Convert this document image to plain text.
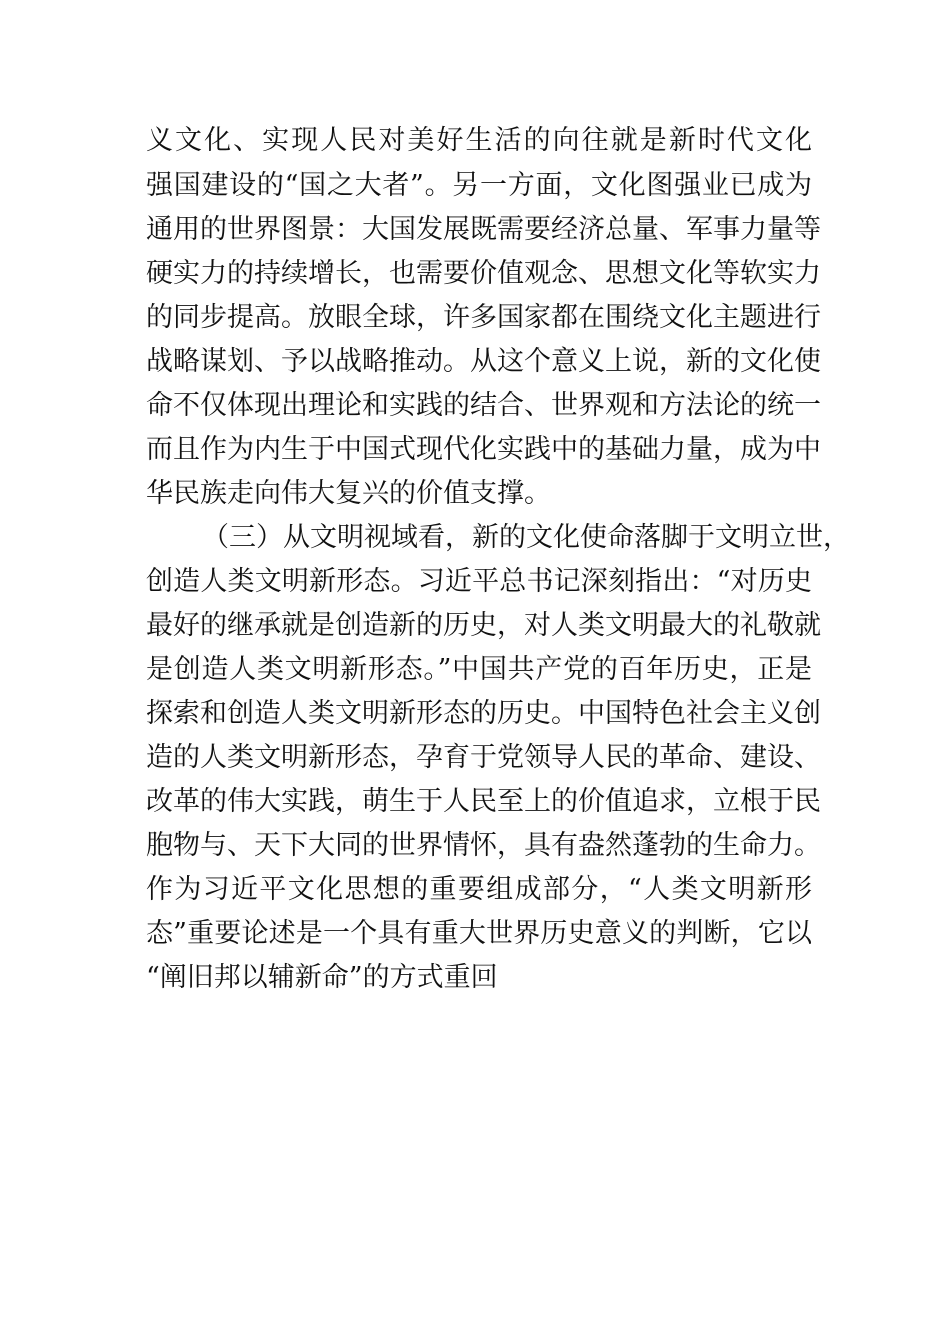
义文化、实现人民对美好生活的向往就是新时代文化
强国建设的“国之大者”。另一方面，文化图强业已成为
通用的世界图景：大国发展既需要经济总量、军事力量等
硬实力的持续增长，也需要价值观念、思想文化等软实力
的同步提高。放眼全球，许多国家都在围绕文化主题进行
战略谋划、予以战略推动。从这个意义上说，新的文化使
命不仅体现出理论和实践的结合、世界观和方法论的统一
而且作为内生于中国式现代化实践中的基础力量，成为中
华民族走向伟大复兴的价值支撑。
（三）从文明视域看，新的文化使命落脚于文明立世，
创造人类文明新形态。习近平总书记深刻指出：“对历史
最好的继承就是创造新的历史，对人类文明最大的礼敬就
是创造人类文明新形态。”中国共产党的百年历史，正是
探索和创造人类文明新形态的历史。中国特色社会主义创
造的人类文明新形态，孕育于党领导人民的革命、建设、
改革的伟大实践，萌生于人民至上的价值追求，立根于民
胞物与、天下大同的世界情怀，具有盎然蓬勃的生命力。
作为习近平文化思想的重要组成部分，“人类文明新形
态”重要论述是一个具有重大世界历史意义的判断，它以
“阐旧邦以辅新命”的方式重回
